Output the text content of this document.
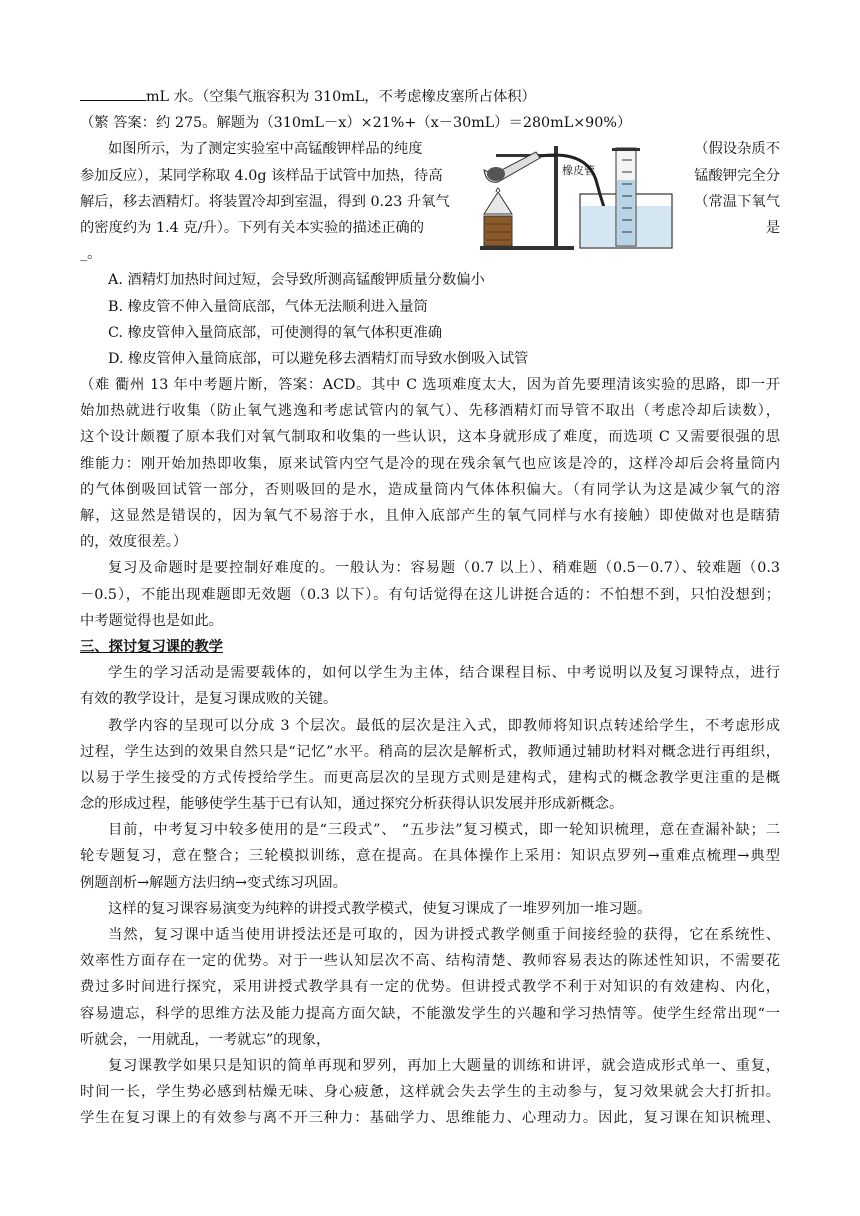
mL 水。（空集气瓶容积为 310mL，不考虑橡皮塞所占体积）
（繁 答案：约 275。解题为（310mL－x）×21%+（x－30mL）＝280mL×90%）
如图所示，为了测定实验室中高锰酸钾样品的纯度	（假设杂质不
参加反应），某同学称取 4.0g 该样品于试管中加热，待高	锰酸钾完全分
解后，移去酒精灯。将装置冷却到室温，得到 0.23 升氧气	（常温下氧气
的密度约为 1.4 克/升）。下列有关本实验的描述正确的	是
_。
A. 酒精灯加热时间过短，会导致所测高锰酸钾质量分数偏小
B. 橡皮管不伸入量筒底部，气体无法顺利进入量筒
C. 橡皮管伸入量筒底部，可使测得的氧气体积更准确
D. 橡皮管伸入量筒底部，可以避免移去酒精灯而导致水倒吸入试管
（难 衢州 13 年中考题片断，答案：ACD。其中 C 选项难度太大，因为首先要理清该实验的思路，即一开
始加热就进行收集（防止氧气逃逸和考虑试管内的氧气）、先移酒精灯而导管不取出（考虑冷却后读数），
这个设计颇覆了原本我们对氧气制取和收集的一些认识，这本身就形成了难度，而选项 C 又需要很强的思
维能力：刚开始加热即收集，原来试管内空气是冷的现在残余氧气也应该是冷的，这样冷却后会将量筒内
的气体倒吸回试管一部分，否则吸回的是水，造成量筒内气体体积偏大。（有同学认为这是减少氧气的溶
解，这显然是错误的，因为氧气不易溶于水，且伸入底部产生的氧气同样与水有接触）即使做对也是瞎猜
的，效度很差。）
复习及命题时是要控制好难度的。一般认为：容易题（0.7 以上）、稍难题（0.5－0.7）、较难题（0.3
－0.5），不能出现难题即无效题（0.3 以下）。有句话觉得在这儿讲挺合适的：不怕想不到，只怕没想到；
中考题觉得也是如此。
三、探讨复习课的教学
学生的学习活动是需要载体的，如何以学生为主体，结合课程目标、中考说明以及复习课特点，进行
有效的教学设计，是复习课成败的关键。
教学内容的呈现可以分成 3 个层次。最低的层次是注入式，即教师将知识点转述给学生，不考虑形成
过程，学生达到的效果自然只是“记忆”水平。稍高的层次是解析式，教师通过辅助材料对概念进行再组织，
以易于学生接受的方式传授给学生。而更高层次的呈现方式则是建构式，建构式的概念教学更注重的是概
念的形成过程，能够使学生基于已有认知，通过探究分析获得认识发展并形成新概念。
目前，中考复习中较多使用的是“三段式”、 “五步法”复习模式，即一轮知识梳理，意在查漏补缺；二
轮专题复习，意在整合；三轮模拟训练，意在提高。在具体操作上采用：知识点罗列→重难点梳理→典型
例题剖析→解题方法归纳→变式练习巩固。
这样的复习课容易演变为纯粹的讲授式教学模式，使复习课成了一堆罗列加一堆习题。
当然，复习课中适当使用讲授法还是可取的，因为讲授式教学侧重于间接经验的获得，它在系统性、
效率性方面存在一定的优势。对于一些认知层次不高、结构清楚、教师容易表达的陈述性知识，不需要花
费过多时间进行探究，采用讲授式教学具有一定的优势。但讲授式教学不利于对知识的有效建构、内化，
容易遗忘，科学的思维方法及能力提高方面欠缺，不能激发学生的兴趣和学习热情等。使学生经常出现“一
听就会，一用就乱，一考就忘”的现象，
复习课教学如果只是知识的简单再现和罗列，再加上大题量的训练和讲评，就会造成形式单一、重复，
时间一长，学生势必感到枯燥无味、身心疲惫，这样就会失去学生的主动参与，复习效果就会大打折扣。
学生在复习课上的有效参与离不开三种力：基础学力、思维能力、心理动力。因此，复习课在知识梳理、
橡皮管
